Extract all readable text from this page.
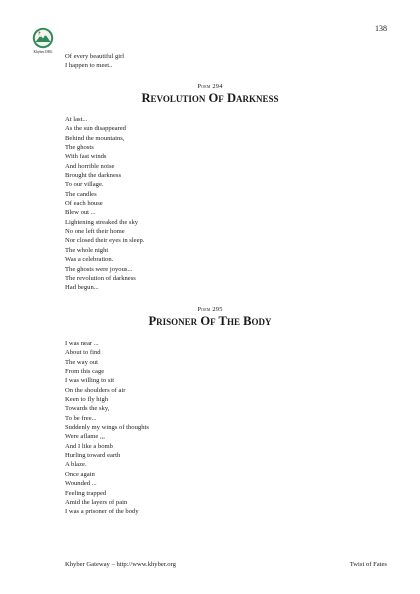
138
Khyber.ORG
Of every beautiful girl
I happen to meet..
Poem 294
Revolution Of Darkness
At last...
As the sun disappeared
Behind the mountains,
The ghosts
With fast winds
And horrible noise
Brought the darkness
To our village.
The candles
Of each house
Blew out ...
Lightening streaked the sky
No one left their home
Nor closed their eyes in sleep.
The whole night
Was a celebration.
The ghosts were joyous...
The revolution of darkness
Had begun...
Poem 295
Prisoner Of The Body
I was near ...
About to find
The way out
From this cage
I was willing to sit
On the shoulders of air
Keen to fly high
Towards the sky,
To be free...
Suddenly my wings of thoughts
Were aflame ,,,
And I like a bomb
Hurling toward earth
A blaze.
Once again
Wounded ...
Feeling trapped
Amid the layers of pain
I was a prisoner of the body
Khyber Gateway – http://www.khyber.org	Twist of Fates
